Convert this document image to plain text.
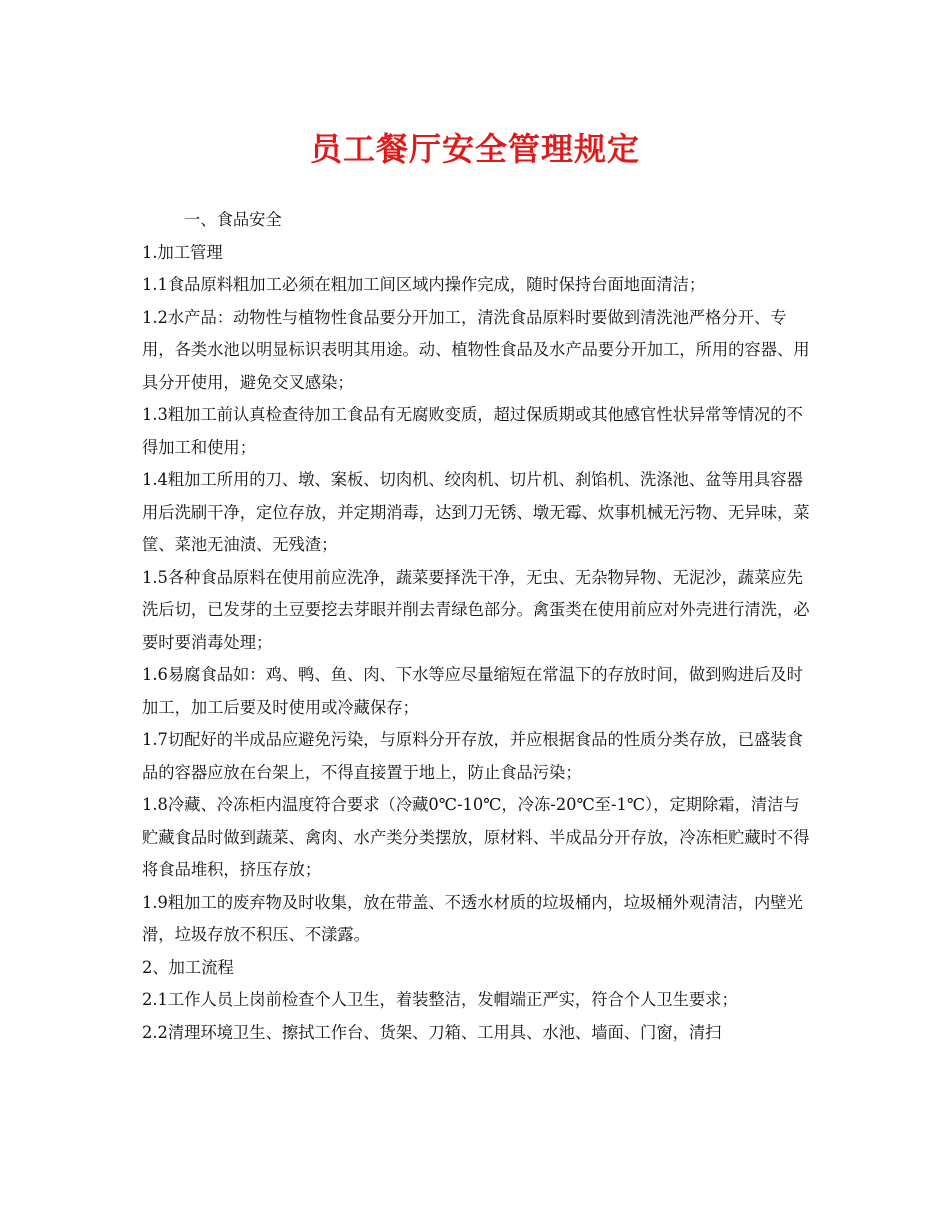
员工餐厅安全管理规定

一、食品安全

1.加工管理

1.1食品原料粗加工必须在粗加工间区域内操作完成，随时保持台面地面清洁；

1.2水产品：动物性与植物性食品要分开加工，清洗食品原料时要做到清洗池严格分开、专用，各类水池以明显标识表明其用途。动、植物性食品及水产品要分开加工，所用的容器、用具分开使用，避免交叉感染；

1.3粗加工前认真检查待加工食品有无腐败变质，超过保质期或其他感官性状异常等情况的不得加工和使用；

1.4粗加工所用的刀、墩、案板、切肉机、绞肉机、切片机、刹馅机、洗涤池、盆等用具容器用后洗刷干净，定位存放，并定期消毒，达到刀无锈、墩无霉、炊事机械无污物、无异味，菜筐、菜池无油渍、无残渣；

1.5各种食品原料在使用前应洗净，蔬菜要择洗干净，无虫、无杂物异物、无泥沙，蔬菜应先洗后切，已发芽的土豆要挖去芽眼并削去青绿色部分。禽蛋类在使用前应对外壳进行清洗，必要时要消毒处理；

1.6易腐食品如：鸡、鸭、鱼、肉、下水等应尽量缩短在常温下的存放时间，做到购进后及时加工，加工后要及时使用或冷藏保存；

1.7切配好的半成品应避免污染，与原料分开存放，并应根据食品的性质分类存放，已盛装食品的容器应放在台架上，不得直接置于地上，防止食品污染；

1.8冷藏、冷冻柜内温度符合要求（冷藏0℃-10℃，冷冻-20℃至-1℃），定期除霜，清洁与贮藏食品时做到蔬菜、禽肉、水产类分类摆放，原材料、半成品分开存放，冷冻柜贮藏时不得将食品堆积，挤压存放；

1.9粗加工的废弃物及时收集，放在带盖、不透水材质的垃圾桶内，垃圾桶外观清洁，内壁光滑，垃圾存放不积压、不漾露。

2、加工流程

2.1工作人员上岗前检查个人卫生，着装整洁，发帽端正严实，符合个人卫生要求；

2.2清理环境卫生、擦拭工作台、货架、刀箱、工用具、水池、墙面、门窗，清扫
